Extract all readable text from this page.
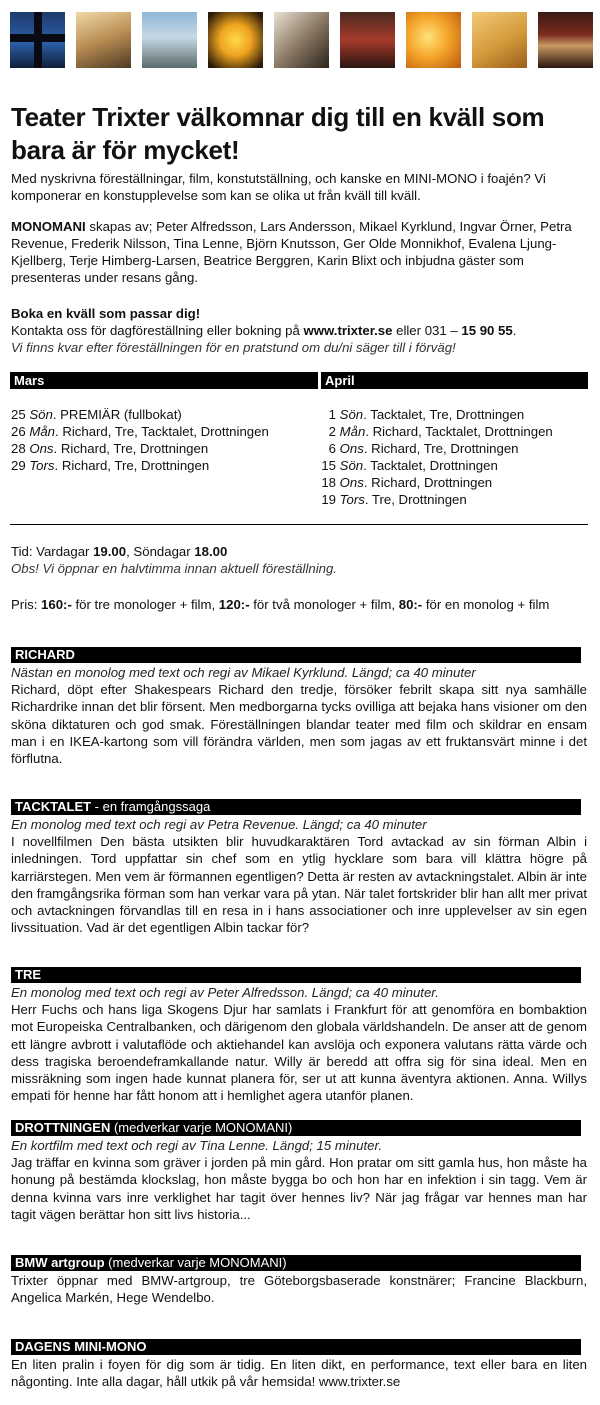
Teater Trixter välkomnar dig till en kväll som bara är för mycket!

Med nyskrivna föreställningar, film, konstutställning, och kanske en MINI-MONO i foajén? Vi komponerar en konstupplevelse som kan se olika ut från kväll till kväll.

MONOMANI skapas av; Peter Alfredsson, Lars Andersson, Mikael Kyrklund, Ingvar Örner, Petra Revenue, Frederik Nilsson, Tina Lenne, Björn Knutsson, Ger Olde Monnikhof, Evalena Ljung-Kjellberg, Terje Himberg-Larsen, Beatrice Berggren, Karin Blixt och inbjudna gäster som presenteras under resans gång.

Boka en kväll som passar dig!

Kontakta oss för dagföreställning eller bokning på www.trixter.se eller 031 – 15 90 55.

Vi finns kvar efter föreställningen för en pratstund om du/ni säger till i förväg!

Mars	April
25 Sön. PREMIÄR (fullbokat)
26 Mån. Richard, Tre, Tacktalet, Drottningen
28 Ons. Richard, Tre, Drottningen
29 Tors. Richard, Tre, Drottningen
1 Sön. Tacktalet, Tre, Drottningen
2 Mån. Richard, Tacktalet, Drottningen
6 Ons. Richard, Tre, Drottningen
15 Sön. Tacktalet, Drottningen
18 Ons. Richard, Drottningen
19 Tors. Tre, Drottningen

Tid: Vardagar 19.00, Söndagar 18.00

Obs! Vi öppnar en halvtimma innan aktuell föreställning.

Pris: 160:- för tre monologer + film, 120:- för två monologer + film, 80:- för en monolog + film

RICHARD
Nästan en monolog med text och regi av Mikael Kyrklund. Längd; ca 40 minuter
Richard, döpt efter Shakespears Richard den tredje, försöker febrilt skapa sitt nya samhälle Richardrike innan det blir försent. Men medborgarna tycks ovilliga att bejaka hans visioner om den sköna diktaturen och god smak. Föreställningen blandar teater med film och skildrar en ensam man i en IKEA-kartong som vill förändra världen, men som jagas av ett fruktansvärt minne i det förflutna.
TACKTALET - en framgångssaga
En monolog med text och regi av Petra Revenue. Längd; ca 40 minuter
I novellfilmen Den bästa utsikten blir huvudkaraktären Tord avtackad av sin förman Albin i inledningen. Tord uppfattar sin chef som en ytlig hycklare som bara vill klättra högre på karriärstegen. Men vem är förmannen egentligen? Detta är resten av avtackningstalet. Albin är inte den framgångsrika förman som han verkar vara på ytan. När talet fortskrider blir han allt mer privat och avtackningen förvandlas till en resa in i hans associationer och inre upplevelser av sin egen livssituation. Vad är det egentligen Albin tackar för?
TRE
En monolog med text och regi av Peter Alfredsson. Längd; ca 40 minuter.
Herr Fuchs och hans liga Skogens Djur har samlats i Frankfurt för att genomföra en bombaktion mot Europeiska Centralbanken, och därigenom den globala världshandeln. De anser att de genom ett längre avbrott i valutaflöde och aktiehandel kan avslöja och exponera valutans rätta värde och dess tragiska beroendeframkallande natur. Willy är beredd att offra sig för sina ideal. Men en missräkning som ingen hade kunnat planera för, ser ut att kunna äventyra aktionen. Anna. Willys empati för henne har fått honom att i hemlighet agera utanför planen.
DROTTNINGEN (medverkar varje MONOMANI)
En kortfilm med text och regi av Tina Lenne. Längd; 15 minuter.
Jag träffar en kvinna som gräver i jorden på min gård. Hon pratar om sitt gamla hus, hon måste ha honung på bestämda klockslag, hon måste bygga bo och hon har en infektion i sin tagg. Vem är denna kvinna vars inre verklighet har tagit över hennes liv? När jag frågar var hennes man har tagit vägen berättar hon sitt livs historia...
BMW artgroup (medverkar varje MONOMANI)
Trixter öppnar med BMW-artgroup, tre Göteborgsbaserade konstnärer; Francine Blackburn, Angelica Markén, Hege Wendelbo.
DAGENS MINI-MONO
En liten pralin i foyen för dig som är tidig. En liten dikt, en performance, text eller bara en liten någonting. Inte alla dagar, håll utkik på vår hemsida! www.trixter.se
